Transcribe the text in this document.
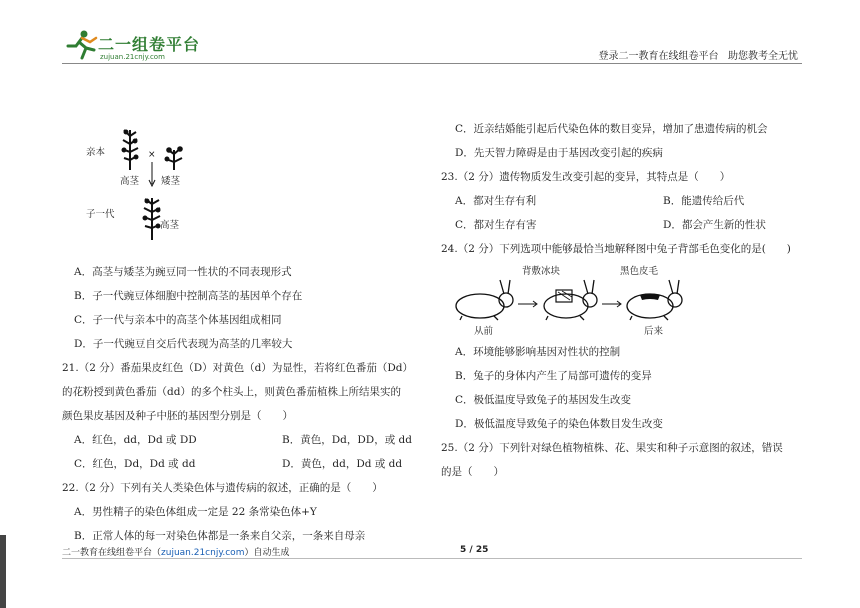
二一组卷平台
zujuan.21cnjy.com	登录二一教育在线组卷平台   助您教考全无忧
亲本	×
高茎 矮茎
子一代
高茎
A．高茎与矮茎为豌豆同一性状的不同表现形式
B．子一代豌豆体细胞中控制高茎的基因单个存在
C．子一代与亲本中的高茎个体基因组成相同
D．子一代豌豆自交后代表现为高茎的几率较大
21.（2 分）番茄果皮红色（D）对黄色（d）为显性，若将红色番茄（Dd）
的花粉授到黄色番茄（dd）的多个柱头上，则黄色番茄植株上所结果实的
颜色果皮基因及种子中胚的基因型分别是（　　）
A．红色，dd，Dd 或 DD	B．黄色，Dd，DD，或 dd
C．红色，Dd，Dd 或 dd	D．黄色，dd，Dd 或 dd
22.（2 分）下列有关人类染色体与遗传病的叙述，正确的是（　　）
A．男性精子的染色体组成一定是 22 条常染色体+Y
B．正常人体的每一对染色体都是一条来自父亲，一条来自母亲
C．近亲结婚能引起后代染色体的数目变异，增加了患遗传病的机会
D．先天智力障碍是由于基因改变引起的疾病
23.（2 分）遗传物质发生改变引起的变异，其特点是（　　）
A．都对生存有利	B．能遗传给后代
C．都对生存有害	D．都会产生新的性状
24.（2 分）下列选项中能够最恰当地解释图中兔子背部毛色变化的是(　　)
背敷冰块	黑色皮毛
从前	后来
A．环境能够影响基因对性状的控制
B．兔子的身体内产生了局部可遗传的变异
C．极低温度导致兔子的基因发生改变
D．极低温度导致兔子的染色体数目发生改变
25.（2 分）下列针对绿色植物植株、花、果实和种子示意图的叙述，错误
的是（　　）
二一教育在线组卷平台（zujuan.21cnjy.com）自动生成	5 / 25
